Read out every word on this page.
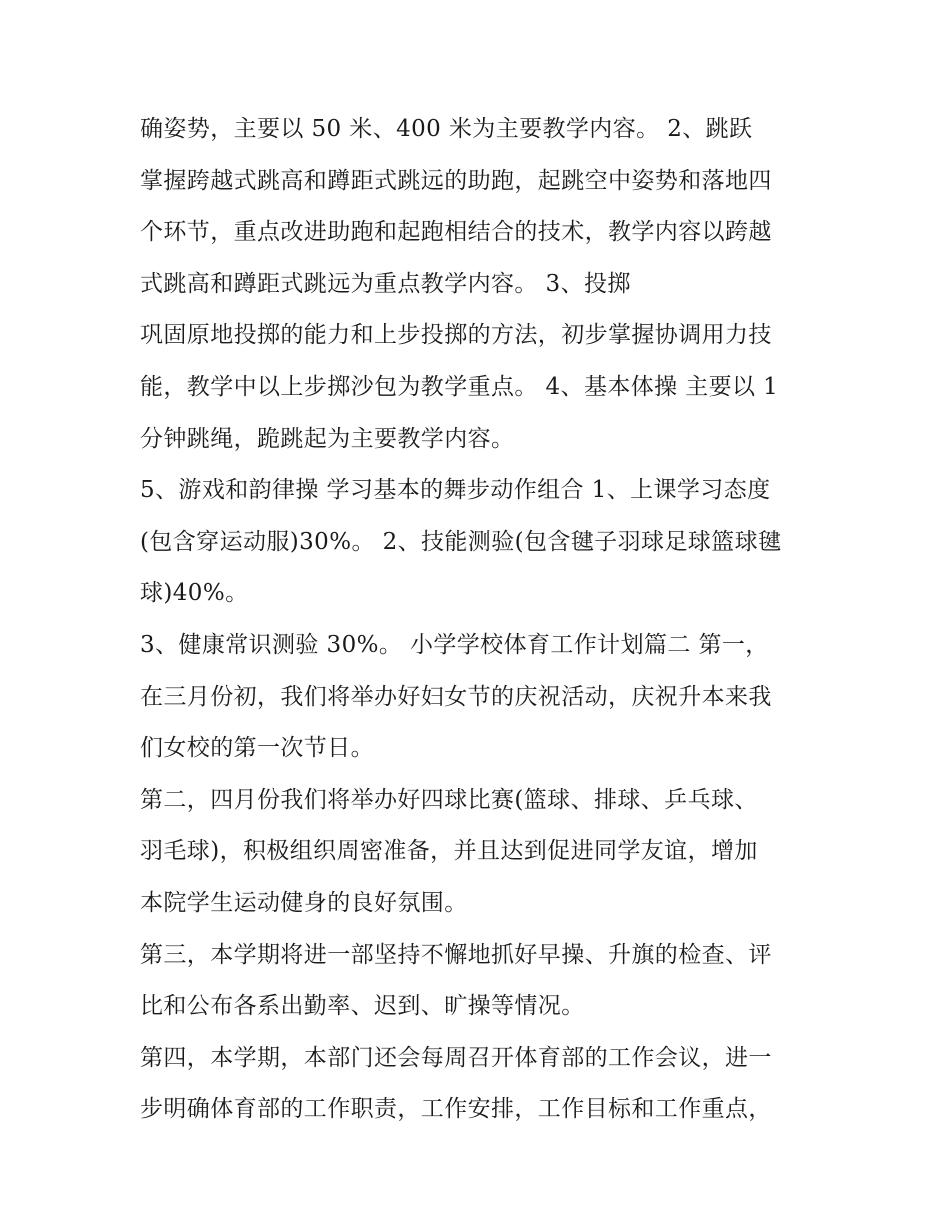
确姿势，主要以 50 米、400 米为主要教学内容。 2、跳跃
掌握跨越式跳高和蹲距式跳远的助跑，起跳空中姿势和落地四
个环节，重点改进助跑和起跑相结合的技术，教学内容以跨越
式跳高和蹲距式跳远为重点教学内容。 3、投掷
巩固原地投掷的能力和上步投掷的方法，初步掌握协调用力技
能，教学中以上步掷沙包为教学重点。 4、基本体操 主要以 1
分钟跳绳，跪跳起为主要教学内容。
5、游戏和韵律操 学习基本的舞步动作组合 1、上课学习态度
(包含穿运动服)30%。 2、技能测验(包含毽子羽球足球篮球毽
球)40%。
3、健康常识测验 30%。 小学学校体育工作计划篇二 第一，
在三月份初，我们将举办好妇女节的庆祝活动，庆祝升本来我
们女校的第一次节日。
第二，四月份我们将举办好四球比赛(篮球、排球、乒乓球、
羽毛球)，积极组织周密准备，并且达到促进同学友谊，增加
本院学生运动健身的良好氛围。
第三，本学期将进一部坚持不懈地抓好早操、升旗的检查、评
比和公布各系出勤率、迟到、旷操等情况。
第四，本学期，本部门还会每周召开体育部的工作会议，进一
步明确体育部的工作职责，工作安排，工作目标和工作重点，
